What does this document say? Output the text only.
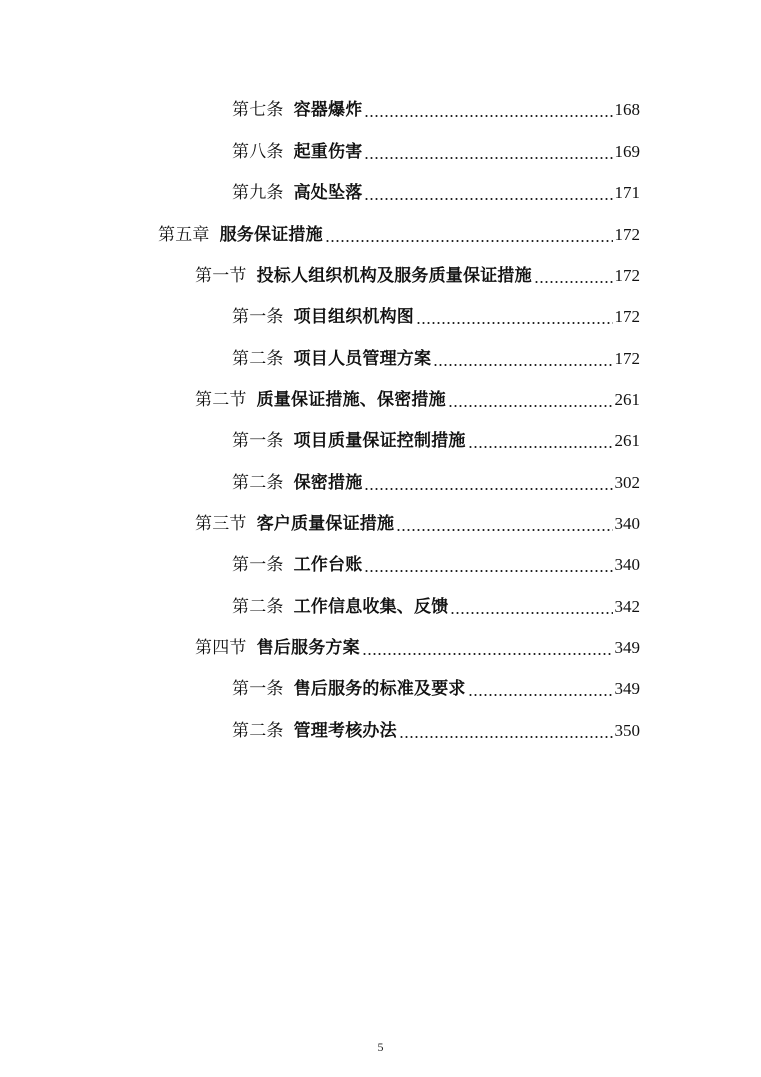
第七条 容器爆炸	168
第八条 起重伤害	169
第九条 高处坠落	171
第五章 服务保证措施	172
第一节 投标人组织机构及服务质量保证措施	172
第一条 项目组织机构图	172
第二条 项目人员管理方案	172
第二节 质量保证措施、保密措施	261
第一条 项目质量保证控制措施	261
第二条 保密措施	302
第三节 客户质量保证措施	340
第一条 工作台账	340
第二条 工作信息收集、反馈	342
第四节 售后服务方案	349
第一条 售后服务的标准及要求	349
第二条 管理考核办法	350
5
